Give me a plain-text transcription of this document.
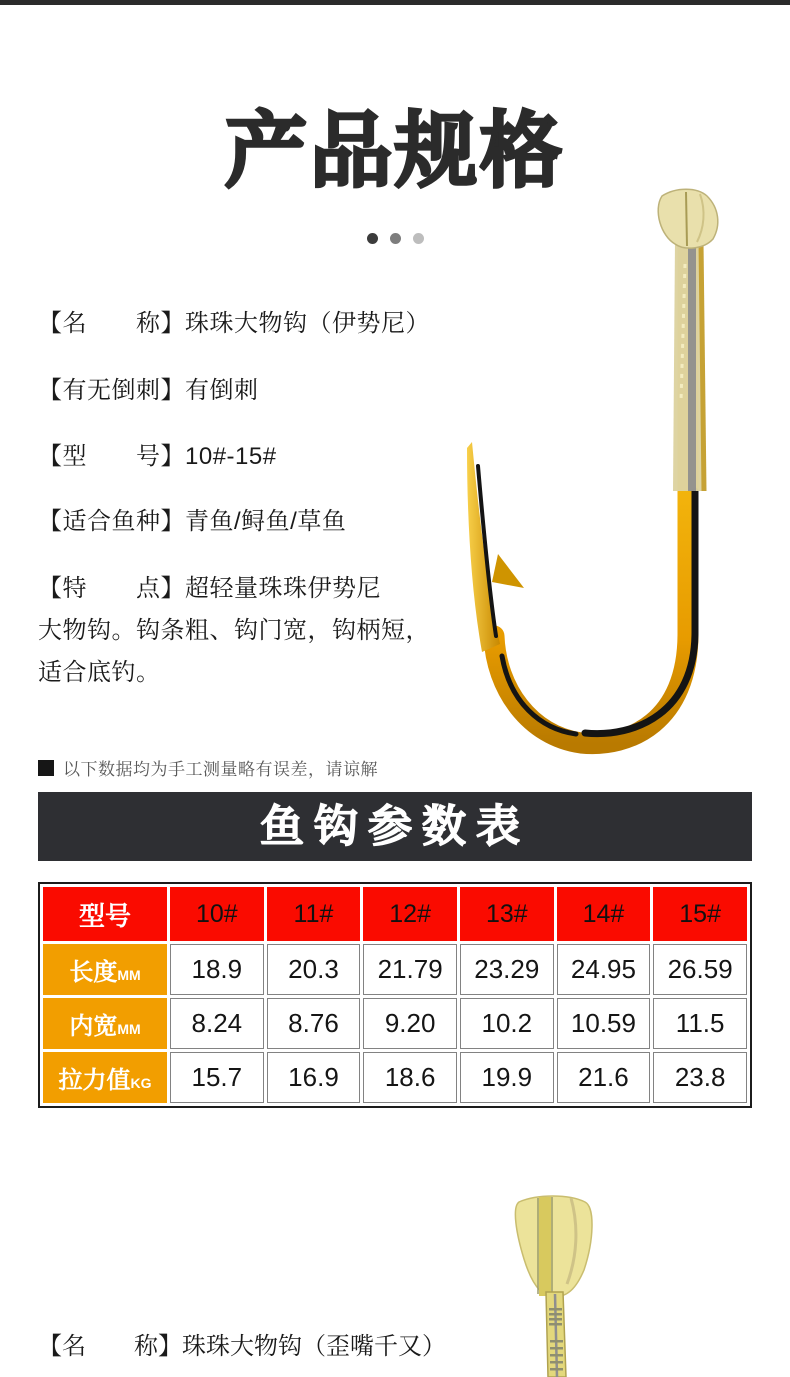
产品规格
【名　　称】珠珠大物钩（伊势尼）
【有无倒刺】有倒刺
【型　　号】10#-15#
【适合鱼种】青鱼/鲟鱼/草鱼
【特　　点】超轻量珠珠伊势尼
大物钩。钩条粗、钩门宽，钩柄短，
适合底钓。
以下数据均为手工测量略有误差，请谅解
鱼钩参数表
型号	10#	11#	12#	13#	14#	15#
长度MM	18.9	20.3	21.79	23.29	24.95	26.59
内宽MM	8.24	8.76	9.20	10.2	10.59	11.5
拉力值KG	15.7	16.9	18.6	19.9	21.6	23.8
【名　　称】珠珠大物钩（歪嘴千又）
